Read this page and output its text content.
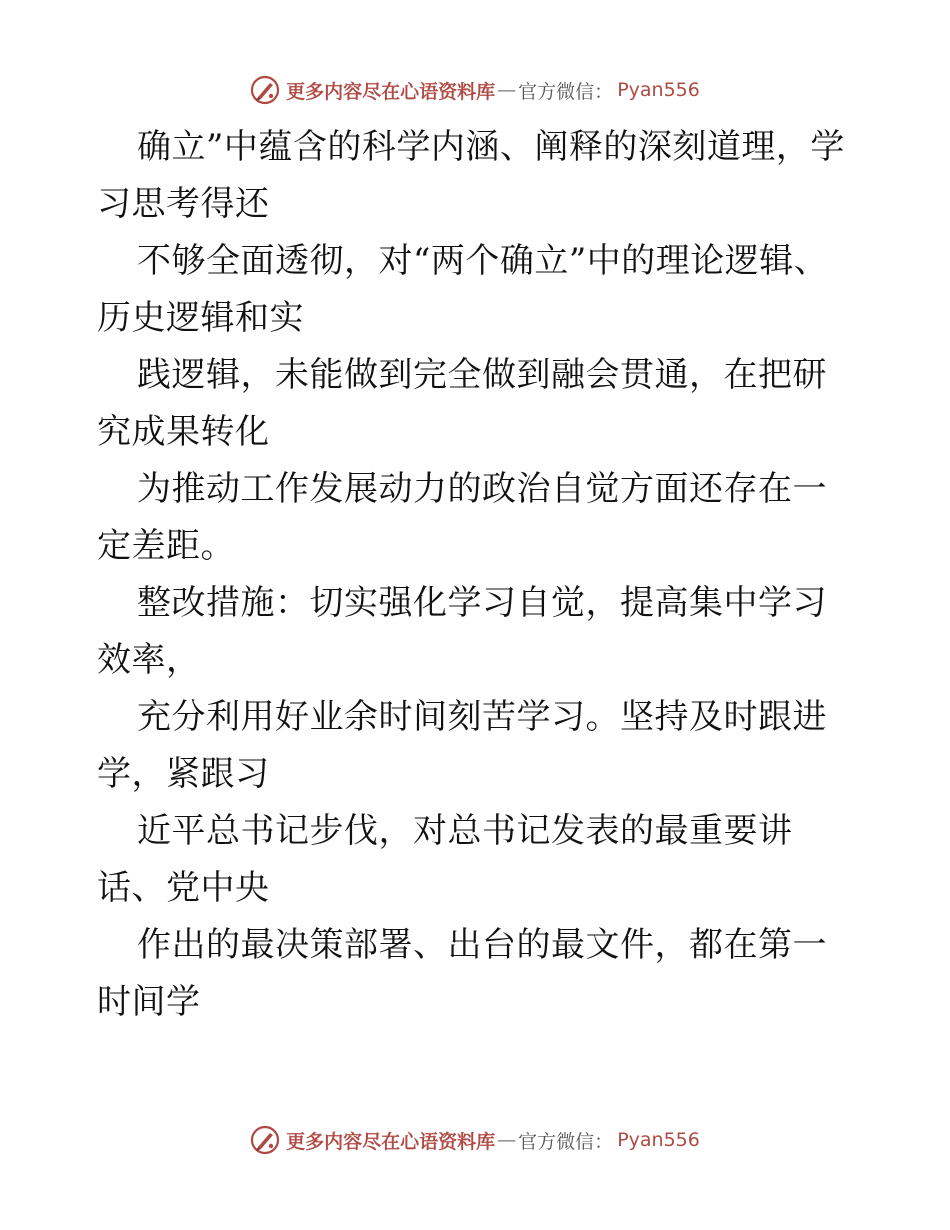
更多内容尽在心语资料库 — 官方微信： Pyan556

确立”中蕴含的科学内涵、阐释的深刻道理，学习思考得还

不够全面透彻，对“两个确立”中的理论逻辑、历史逻辑和实

践逻辑，未能做到完全做到融会贯通，在把研究成果转化

为推动工作发展动力的政治自觉方面还存在一定差距。

整改措施：切实强化学习自觉，提高集中学习效率，

充分利用好业余时间刻苦学习。坚持及时跟进学，紧跟习

近平总书记步伐，对总书记发表的最重要讲话、党中央

作出的最决策部署、出台的最文件，都在第一时间学

更多内容尽在心语资料库 — 官方微信： Pyan556
